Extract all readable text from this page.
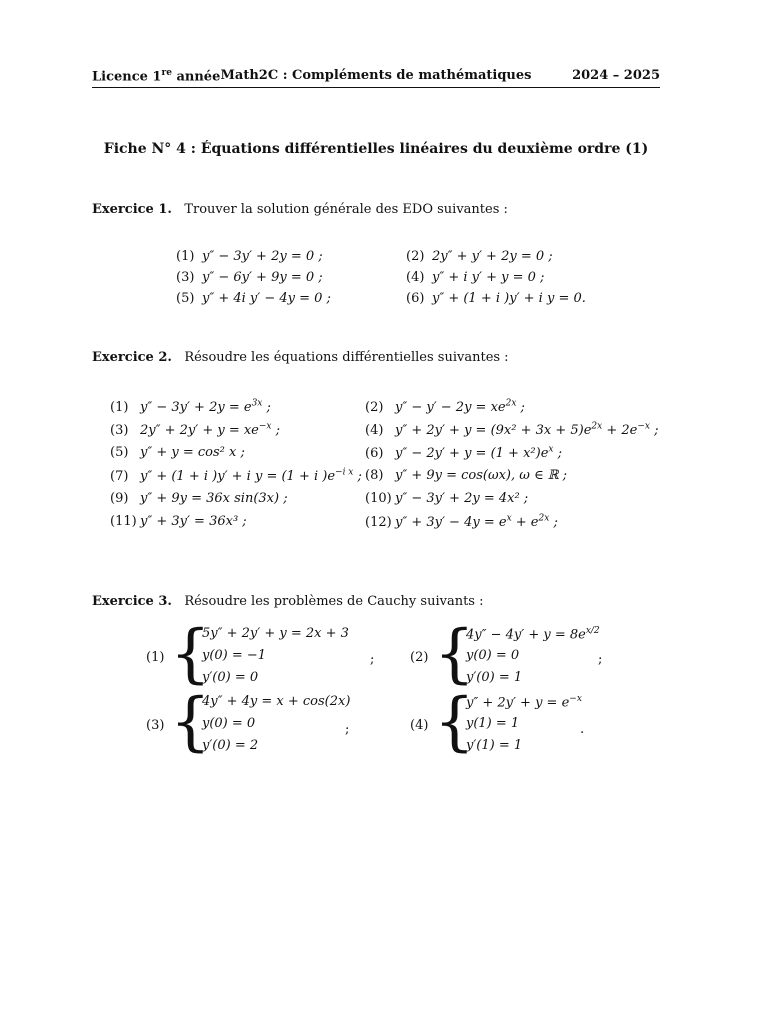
Licence 1re année Math2C : Compléments de mathématiques	2024 – 2025
Fiche N° 4 : Équations différentielles linéaires du deuxième ordre (1)
Exercice 1. Trouver la solution générale des EDO suivantes :
(1) y″ − 3y′ + 2y = 0 ;	(2) 2y″ + y′ + 2y = 0 ;
(3) y″ − 6y′ + 9y = 0 ;	(4) y″ + i y′ + y = 0 ;
(5) y″ + 4i y′ − 4y = 0 ;	(6) y″ + (1 + i )y′ + i y = 0.
Exercice 2. Résoudre les équations différentielles suivantes :
(1) $y'' - 3y' + 2y = e^{3x}$ ;	(2) $y'' - y' - 2y = xe^{2x}$ ;
(3) $2y'' + 2y' + y = xe^{-x}$ ;	(4) $y'' + 2y' + y = (9x^2 + 3x + 5)e^{2x} + 2e^{-x}$ ;
(5) y″ + y = cos² x ;	(6) $y'' - 2y' + y = (1 + x^2)e^x$ ;
(7) y″ + (1 + i )y′ + i y = (1 + i )$e^{-i x}$ ; (8) y″ + 9y = cos(ωx), ω ∈ ℝ ;
(9) y″ + 9y = 36x sin(3x) ;	(10) y″ − 3y′ + 2y = 4x² ;
(11) y″ + 3y′ = 36x³ ;	(12) $y'' + 3y' - 4y = e^x + e^{2x}$ ;
Exercice 3. Résoudre les problèmes de Cauchy suivants :
(1) {
5y″ + 2y′ + y = 2x + 3
y(0) = −1
y′(0) = 0
;	(2) {
$4y'' - 4y' + y = 8e^{x/2}$
y(0) = 0
y′(0) = 1
;
(3) {
4y″ + 4y = x + cos(2x)
y(0) = 0
y′(0) = 2
;	(4) {
$y'' + 2y' + y = e^{-x}$
y(1) = 1
y′(1) = 1
.
